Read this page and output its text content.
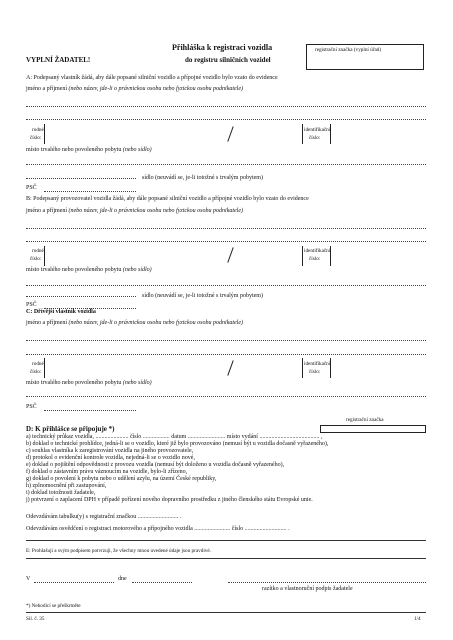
Přihláška k registraci vozidla
do registru silničních vozidel
VYPLNÍ ŽADATEL!
registrační značka (vyplní úřad)
A: Podepsaný vlastník žádá, aby dále popsané silniční vozidlo a přípojné vozidlo bylo vzato do evidence
jméno a příjmení (nebo název, jde-li o právnickou osobu nebo fyzickou osobu podnikatele)
rodné
číslo:
identifikační
číslo:
místo trvalého nebo povoleného pobytu (nebo sídlo)
sídlo (neuvádí se, je-li totožné s trvalým pobytem)
PSČ
B: Podepsaný provozovatel vozidla žádá, aby dále popsané silniční vozidlo a přípojné vozidlo bylo vzato do evidence
jméno a příjmení (nebo název, jde-li o právnickou osobu nebo fyzickou osobu podnikatele)
rodné
číslo:
identifikační
číslo:
místo trvalého nebo povoleného pobytu (nebo sídlo)
sídlo (neuvádí se, je-li totožné s trvalým pobytem)
PSČ
C: Dřívější vlastník vozidla
jméno a příjmení (nebo název, jde-li o právnickou osobu nebo fyzickou osobu podnikatele)
rodné
číslo:
identifikační
číslo:
místo trvalého nebo povoleného pobytu (nebo sídlo)
PSČ
registrační značka
D: K přihlášce se připojuje *)
a) technický průkaz vozidla, ...................... číslo .................. datum ......................... místo vydání ........................................ ,
b) doklad o technické prohlídce, jedná-li se o vozidlo, které již bylo provozováno (nemusí být u vozidla dočasně vyřazeného),
c) souhlas vlastníka k zaregistrování vozidla na jiného provozovatele,
d) protokol o evidenční kontrole vozidla, nejedná-li se o vozidlo nové,
e) doklad o pojištění odpovědnosti z provozu vozidla (nemusí být doloženo u vozidla dočasně vyřazeného),
f) doklad o zástavním právu váznoucím na vozidle, bylo-li zřízeno,
g) doklad o povolení k pobytu nebo o udělení azylu, na území České republiky,
h) zplnomocnění při zastupování,
i) doklad totožnosti žadatele,
j) potvrzení o zaplacení DPH v případě pořízení nového dopravního prostředku z jiného členského státu Evropské unie.
Odevzdávám tabulku(y) s registrační značkou ........................... .
Odevzdávám osvědčení o registraci motorového a přípojného vozidla ........................ číslo ............................ .
E: Prohlašuji a svým podpisem potvrzuji, že všechny mnou uvedené údaje jsou pravdivé.
V	dne
razítko a vlastnoruční podpis žadatele
*) Nehodící se přeškrtněte
Sil. č. 35	1/4
